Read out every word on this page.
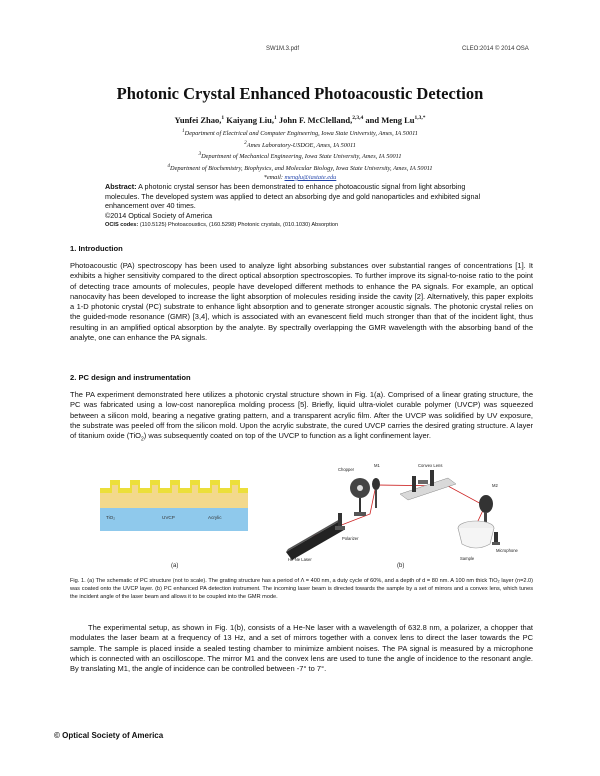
SW1M.3.pdf	CLEO:2014 © 2014 OSA
Photonic Crystal Enhanced Photoacoustic Detection
Yunfei Zhao,$^1$ Kaiyang Liu,$^1$ John F. McClelland,$^{2,3,4}$ and Meng $Lu^{1,3,*}$
$^1$Department of Electrical and Computer Engineering, Iowa State University, Ames, IA 50011
$^2$Ames Laboratory-USDOE, Ames, IA 50011
$^3$Department of Mechanical Engineering, Iowa State University, Ames, IA 50011
$^4$Department of Biochemistry, Biophysics, and Molecular Biology, Iowa State University, Ames, IA 50011
*email: menglu@iastate.edu
Abstract: A photonic crystal sensor has been demonstrated to enhance photoacoustic signal from light absorbing molecules. The developed system was applied to detect an absorbing dye and gold nanoparticles and exhibited signal enhancement over 40 times.
©2014 Optical Society of America
OCIS codes: (110.5125) Photoacoustics, (160.5298) Photonic crystals, (010.1030) Absorption
1. Introduction
Photoacoustic (PA) spectroscopy has been used to analyze light absorbing substances over substantial ranges of concentrations [1]. It exhibits a higher sensitivity compared to the direct optical absorption spectroscopies. To further improve its signal-to-noise ratio to the point of detecting trace amounts of molecules, people have developed different methods to enhance the PA signals. For example, an optical nanocavity has been developed to increase the light absorption of molecules residing inside the cavity [2]. Alternatively, this paper exploits a 1-D photonic crystal (PC) substrate to enhance light absorption and to generate stronger acoustic signals. The photonic crystal relies on the guided-mode resonance (GMR) [3,4], which is associated with an evanescent field much stronger than that of the incident light, thus resulting in an amplified optical absorption by the analyte. By spectrally overlapping the GMR wavelength with the absorbing band of the analyte, one can enhance the PA signals.
2. PC design and instrumentation
The PA experiment demonstrated here utilizes a photonic crystal structure shown in Fig. 1(a). Comprised of a linear grating structure, the PC was fabricated using a low-cost nanoreplica molding process [5]. Briefly, liquid ultra-violet curable polymer (UVCP) was squeezed between a silicon mold, bearing a negative grating pattern, and a transparent acrylic film. After the UVCP was solidified by UV exposure, the substrate was peeled off from the silicon mold. Upon the acrylic substrate, the cured UVCP carries the desired grating structure. A layer of titanium oxide (TiO$_2$) was subsequently coated on top of the UVCP to function as a light confinement layer.
TiO₂	UVCP	Acrylic
(a)
Chopper
M1	Convex Lens
M2
Polarizer
He-Ne Laser	Sample
Microphone
(b)
Fig. 1. (a) The schematic of PC structure (not to scale). The grating structure has a period of Λ = 400 nm, a duty cycle of 60%, and a depth of d = 80 nm. A 100 nm thick TiO₂ layer (n=2.0) was coated onto the UVCP layer. (b) PC enhanced PA detection instrument. The incoming laser beam is directed towards the sample by a set of mirrors and a convex lens, which tunes the incident angle of the laser beam and allows it to be coupled into the GMR mode.
The experimental setup, as shown in Fig. 1(b), consists of a He-Ne laser with a wavelength of 632.8 nm, a polarizer, a chopper that modulates the laser beam at a frequency of 13 Hz, and a set of mirrors together with a convex lens to direct the laser towards the PC sample. The sample is placed inside a sealed testing chamber to minimize ambient noises. The PA signal is measured by a microphone which is connected with an oscilloscope. The mirror M1 and the convex lens are used to tune the angle of incidence to the resonant angle. By translating M1, the angle of incidence can be controlled between -7° to 7°.
© Optical Society of America
